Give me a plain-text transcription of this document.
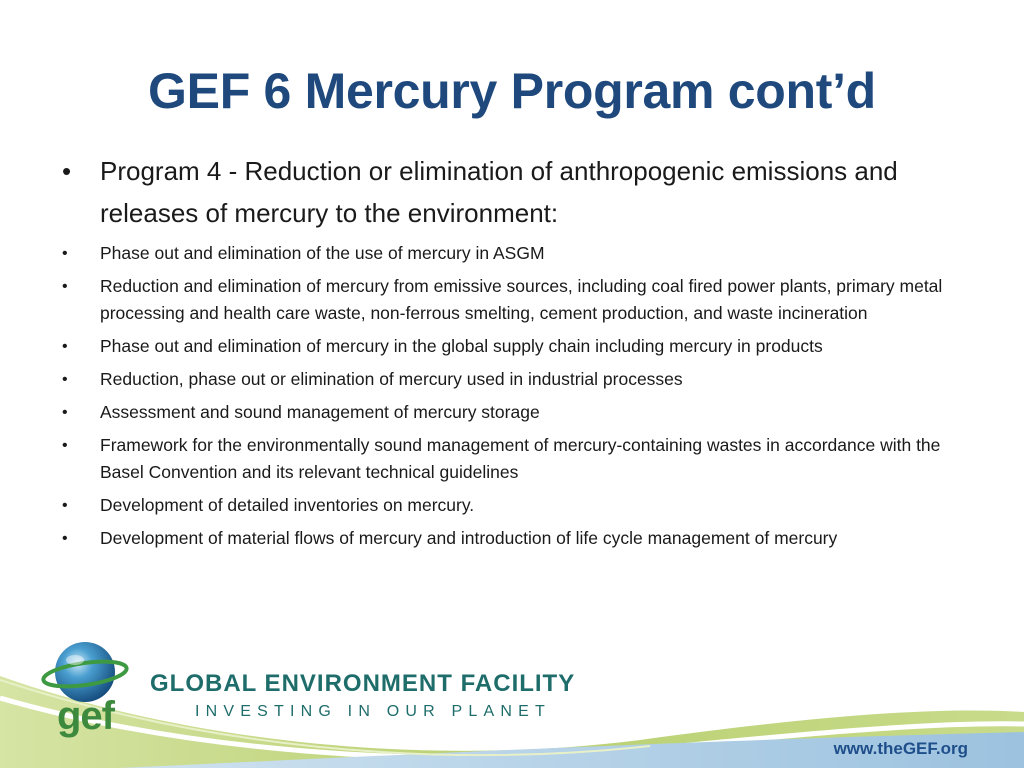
GEF 6 Mercury Program cont’d

• Program 4 - Reduction or elimination of anthropogenic emissions and releases of mercury to the environment:

• Phase out and elimination of the use of mercury in ASGM
• Reduction and elimination of mercury from emissive sources, including coal fired power plants, primary metal processing and health care waste, non-ferrous smelting, cement production, and waste incineration
• Phase out and elimination of mercury in the global supply chain including mercury in products
• Reduction, phase out or elimination of mercury used in industrial processes
• Assessment and sound management of mercury storage
• Framework for the environmentally sound management of mercury-containing wastes in accordance with the Basel Convention and its relevant technical guidelines
• Development of detailed inventories on mercury.
• Development of material flows of mercury and introduction of life cycle management of mercury

gef

GLOBAL ENVIRONMENT FACILITY

INVESTING IN OUR PLANET

www.theGEF.org
